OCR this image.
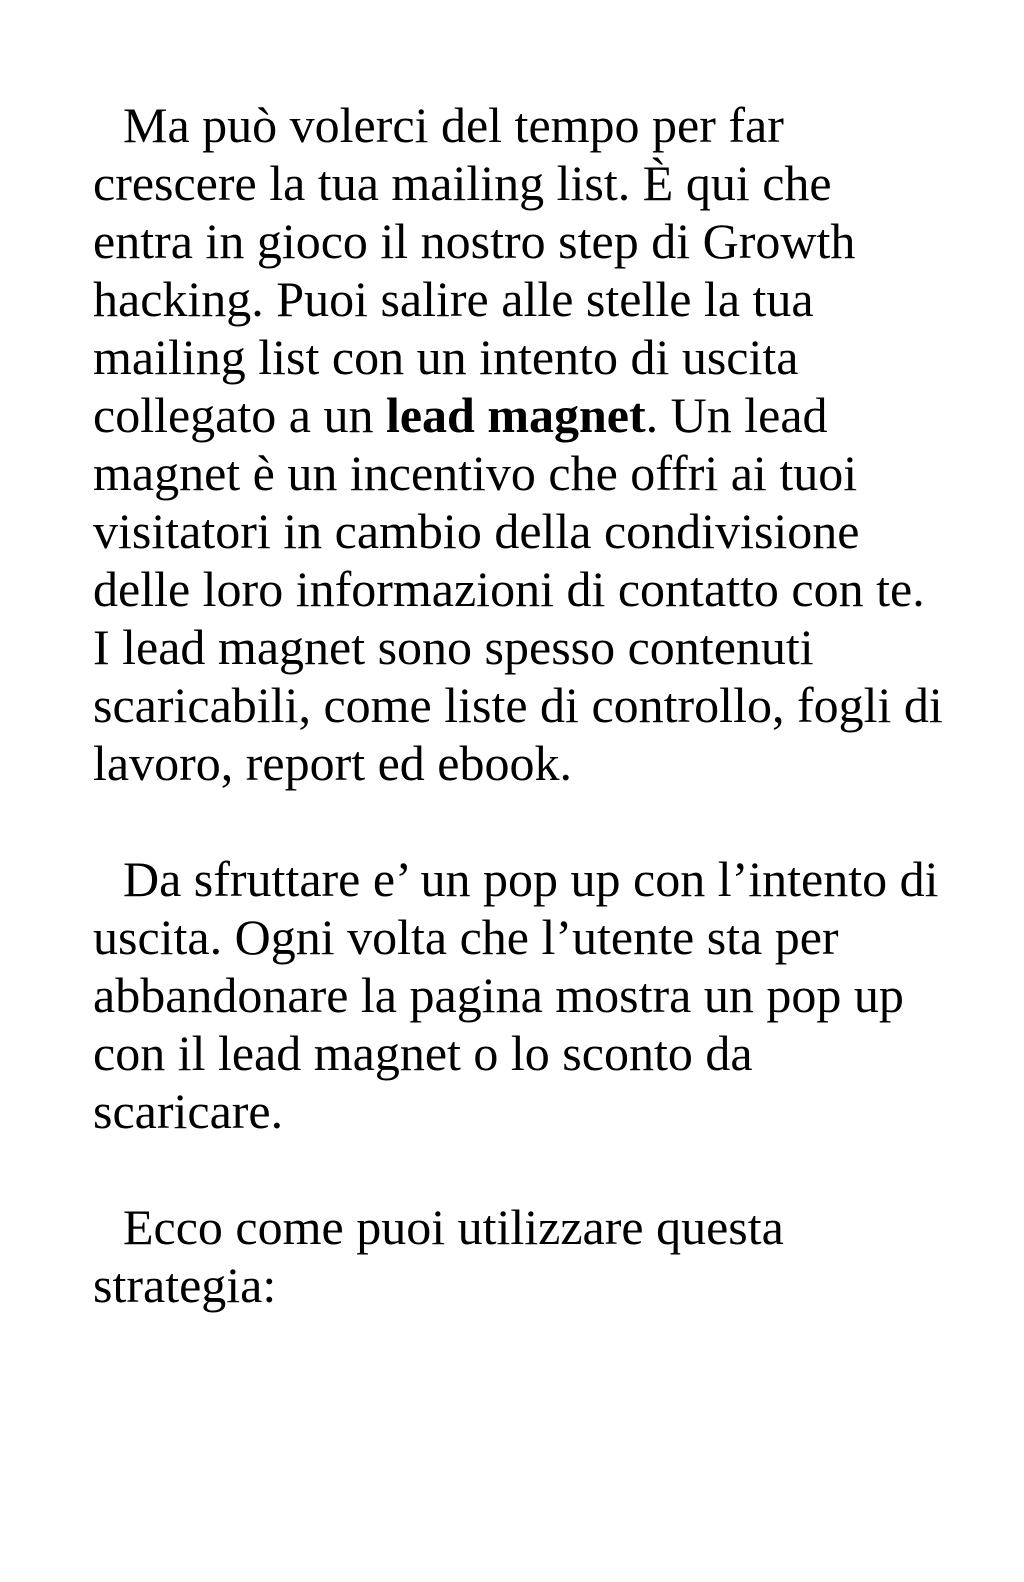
Ma può volerci del tempo per far crescere la tua mailing list. È qui che entra in gioco il nostro step di Growth hacking. Puoi salire alle stelle la tua mailing list con un intento di uscita collegato a un lead magnet. Un lead magnet è un incentivo che offri ai tuoi visitatori in cambio della condivisione delle loro informazioni di contatto con te. I lead magnet sono spesso contenuti scaricabili, come liste di controllo, fogli di lavoro, report ed ebook.

Da sfruttare e’ un pop up con l’intento di uscita. Ogni volta che l’utente sta per abbandonare la pagina mostra un pop up con il lead magnet o lo sconto da scaricare.

Ecco come puoi utilizzare questa strategia:
